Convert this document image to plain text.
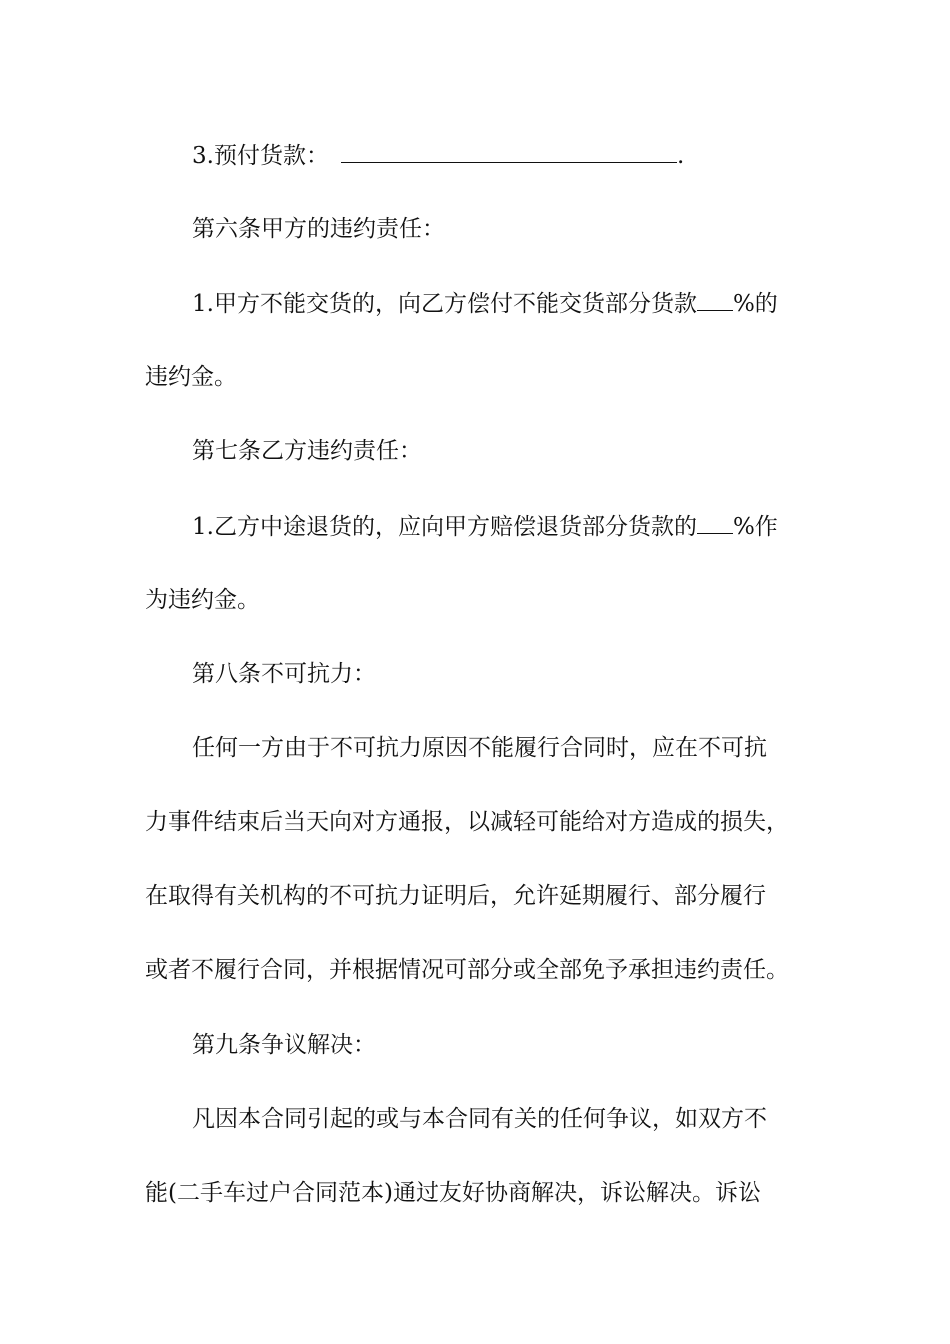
3.预付货款：	.
第六条甲方的违约责任：
1.甲方不能交货的，向乙方偿付不能交货部分货款 %的
违约金。
第七条乙方违约责任：
1.乙方中途退货的，应向甲方赔偿退货部分货款的 %作
为违约金。
第八条不可抗力：
任何一方由于不可抗力原因不能履行合同时，应在不可抗
力事件结束后当天向对方通报，以减轻可能给对方造成的损失，
在取得有关机构的不可抗力证明后，允许延期履行、部分履行
或者不履行合同，并根据情况可部分或全部免予承担违约责任。
第九条争议解决：
凡因本合同引起的或与本合同有关的任何争议，如双方不
能(二手车过户合同范本)通过友好协商解决，诉讼解决。诉讼
